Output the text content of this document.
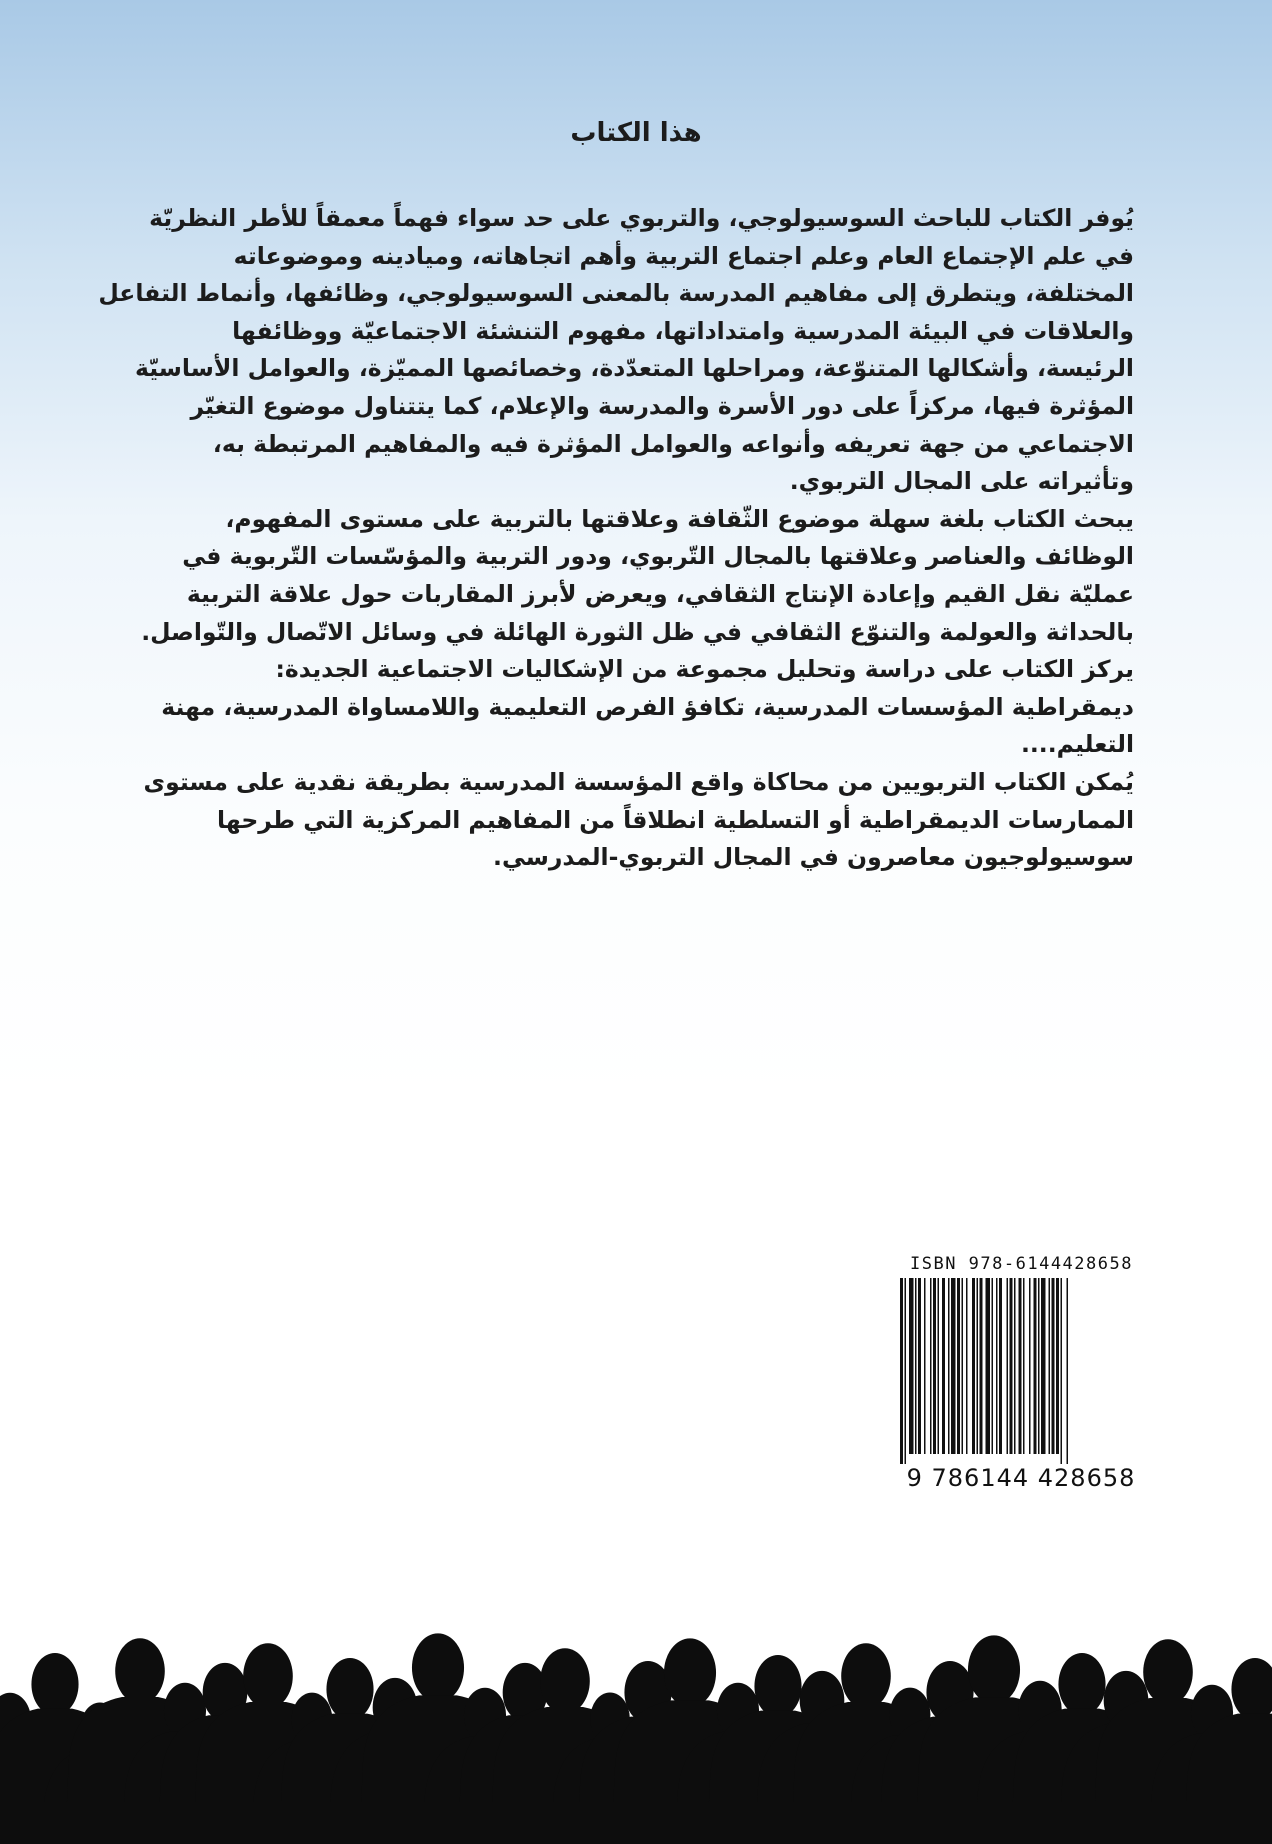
هذا الكتاب
يُوفر الكتاب للباحث السوسيولوجي، والتربوي على حد سواء فهماً معمقاً للأطر النظريّة
في علم الإجتماع العام وعلم اجتماع التربية وأهم اتجاهاته، وميادينه وموضوعاته
المختلفة، ويتطرق إلى مفاهيم المدرسة بالمعنى السوسيولوجي، وظائفها، وأنماط التفاعل
والعلاقات في البيئة المدرسية وامتداداتها، مفهوم التنشئة الاجتماعيّة ووظائفها
الرئيسة، وأشكالها المتنوّعة، ومراحلها المتعدّدة، وخصائصها المميّزة، والعوامل الأساسيّة
المؤثرة فيها، مركزاً على دور الأسرة والمدرسة والإعلام، كما يتتناول موضوع التغيّر
الاجتماعي من جهة تعريفه وأنواعه والعوامل المؤثرة فيه والمفاهيم المرتبطة به،
وتأثيراته على المجال التربوي.
يبحث الكتاب بلغة سهلة موضوع الثّقافة وعلاقتها بالتربية على مستوى المفهوم،
الوظائف والعناصر وعلاقتها بالمجال التّربوي، ودور التربية والمؤسّسات التّربوية في
عمليّة نقل القيم وإعادة الإنتاج الثقافي، ويعرض لأبرز المقاربات حول علاقة التربية
بالحداثة والعولمة والتنوّع الثقافي في ظل الثورة الهائلة في وسائل الاتّصال والتّواصل.
يركز الكتاب على دراسة وتحليل مجموعة من الإشكاليات الاجتماعية الجديدة:
ديمقراطية المؤسسات المدرسية، تكافؤ الفرص التعليمية واللامساواة المدرسية، مهنة
التعليم....
يُمكن الكتاب التربويين من محاكاة واقع المؤسسة المدرسية بطريقة نقدية على مستوى
الممارسات الديمقراطية أو التسلطية انطلاقاً من المفاهيم المركزية التي طرحها
سوسيولوجيون معاصرون في المجال التربوي-المدرسي.
ISBN 978-6144428658
9 786144 428658
